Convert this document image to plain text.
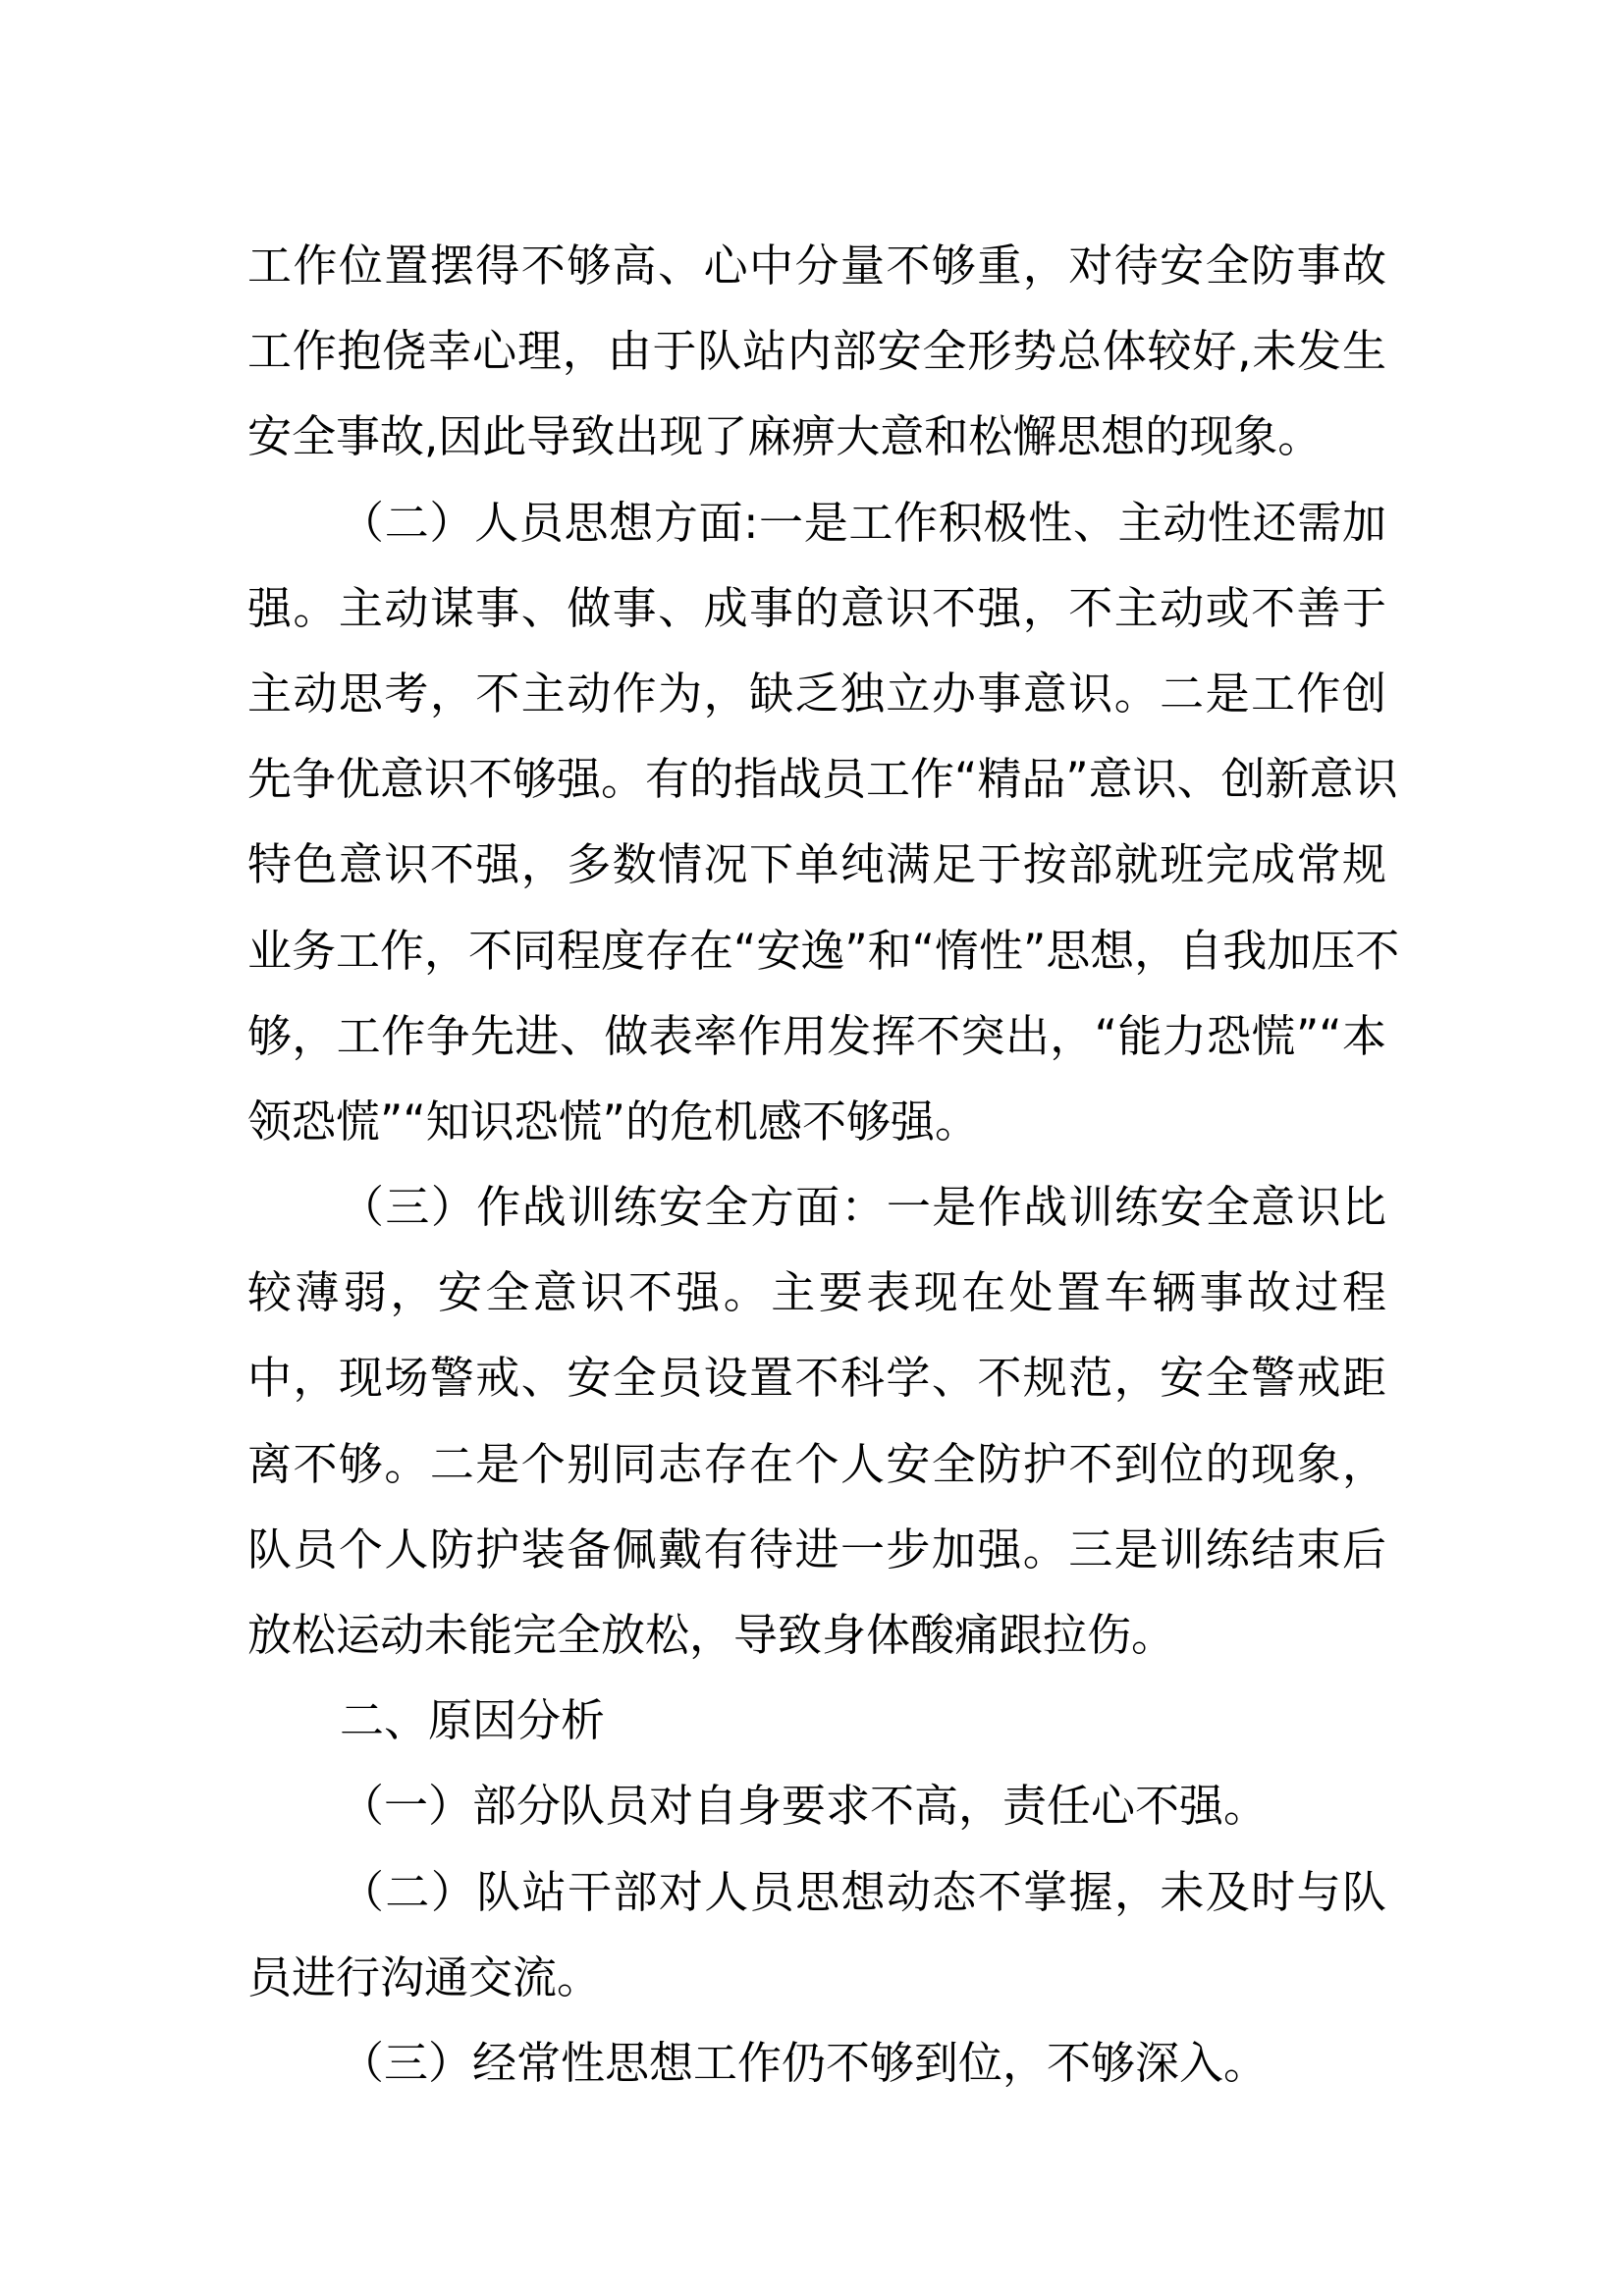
工作位置摆得不够高、心中分量不够重，对待安全防事故
工作抱侥幸心理，由于队站内部安全形势总体较好,未发生
安全事故,因此导致出现了麻痹大意和松懈思想的现象。
（二）人员思想方面:一是工作积极性、主动性还需加
强。主动谋事、做事、成事的意识不强，不主动或不善于
主动思考，不主动作为，缺乏独立办事意识。二是工作创
先争优意识不够强。有的指战员工作“精品”意识、创新意识
特色意识不强，多数情况下单纯满足于按部就班完成常规
业务工作，不同程度存在“安逸”和“惰性”思想，自我加压不
够，工作争先进、做表率作用发挥不突出，“能力恐慌”“本
领恐慌”“知识恐慌”的危机感不够强。
（三）作战训练安全方面：一是作战训练安全意识比
较薄弱，安全意识不强。主要表现在处置车辆事故过程
中，现场警戒、安全员设置不科学、不规范，安全警戒距
离不够。二是个别同志存在个人安全防护不到位的现象，
队员个人防护装备佩戴有待进一步加强。三是训练结束后
放松运动未能完全放松，导致身体酸痛跟拉伤。
二、原因分析
（一）部分队员对自身要求不高，责任心不强。
（二）队站干部对人员思想动态不掌握，未及时与队
员进行沟通交流。
（三）经常性思想工作仍不够到位，不够深入。
